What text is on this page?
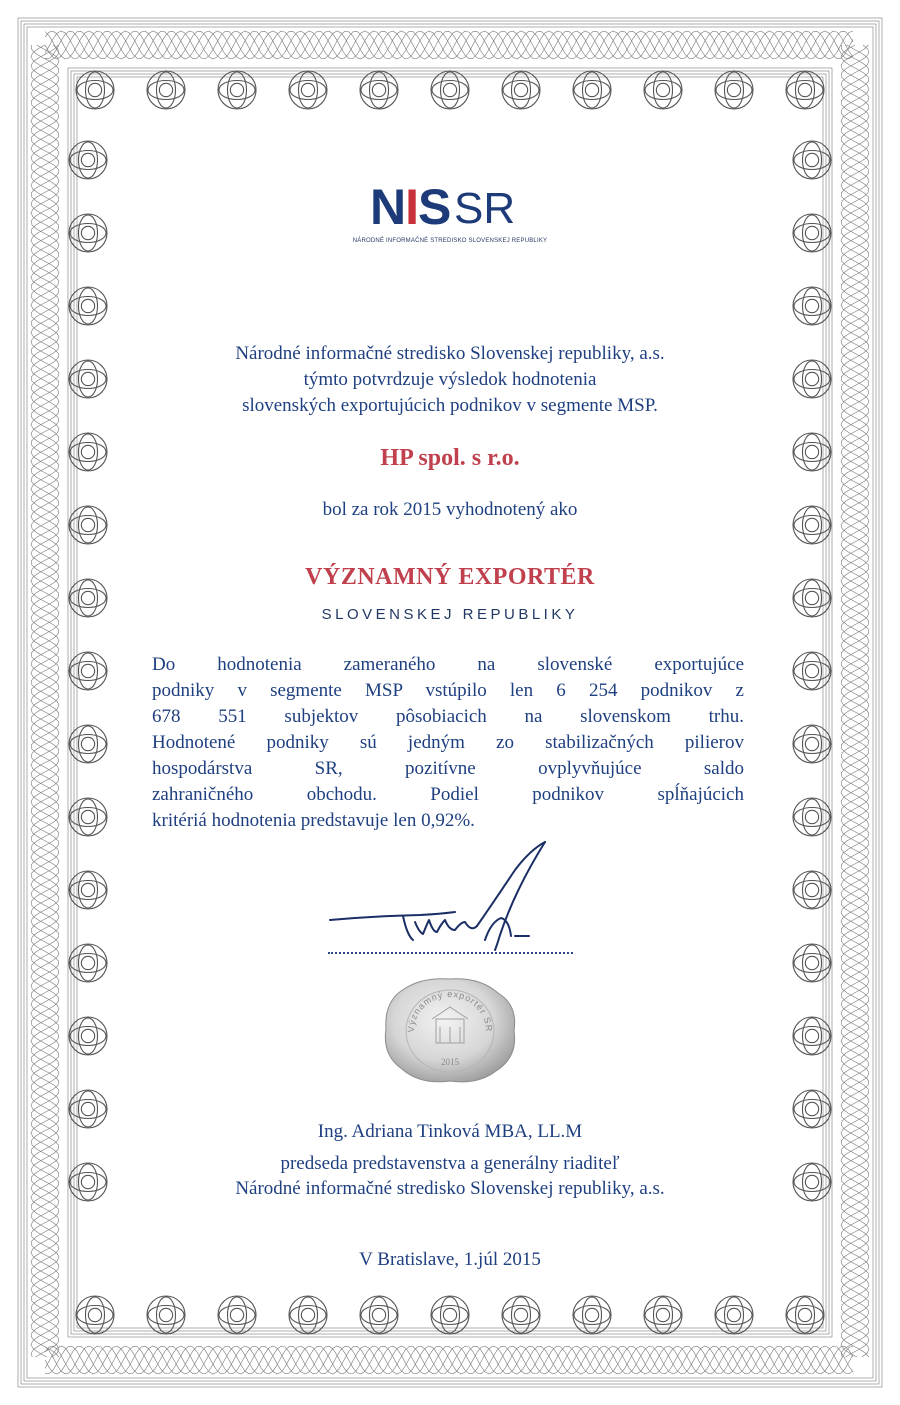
NIS SR
NÁRODNÉ INFORMAČNÉ STREDISKO SLOVENSKEJ REPUBLIKY
Národné informačné stredisko Slovenskej republiky, a.s.
týmto potvrdzuje výsledok hodnotenia
slovenských exportujúcich podnikov v segmente MSP.
HP spol. s r.o.
bol za rok 2015 vyhodnotený ako
VÝZNAMNÝ EXPORTÉR
SLOVENSKEJ REPUBLIKY
Do hodnotenia zameraného na slovenské exportujúce
podniky v segmente MSP vstúpilo len 6 254 podnikov z
678 551 subjektov pôsobiacich na slovenskom trhu.
Hodnotené podniky sú jedným zo stabilizačných pilierov
hospodárstva SR, pozitívne ovplyvňujúce saldo
zahraničného obchodu. Podiel podnikov spĺňajúcich
kritériá hodnotenia predstavuje len 0,92%.
Významný exportér SR
2015
Ing. Adriana Tinková MBA, LL.M
predseda predstavenstva a generálny riaditeľ
Národné informačné stredisko Slovenskej republiky, a.s.
V Bratislave, 1.júl 2015
